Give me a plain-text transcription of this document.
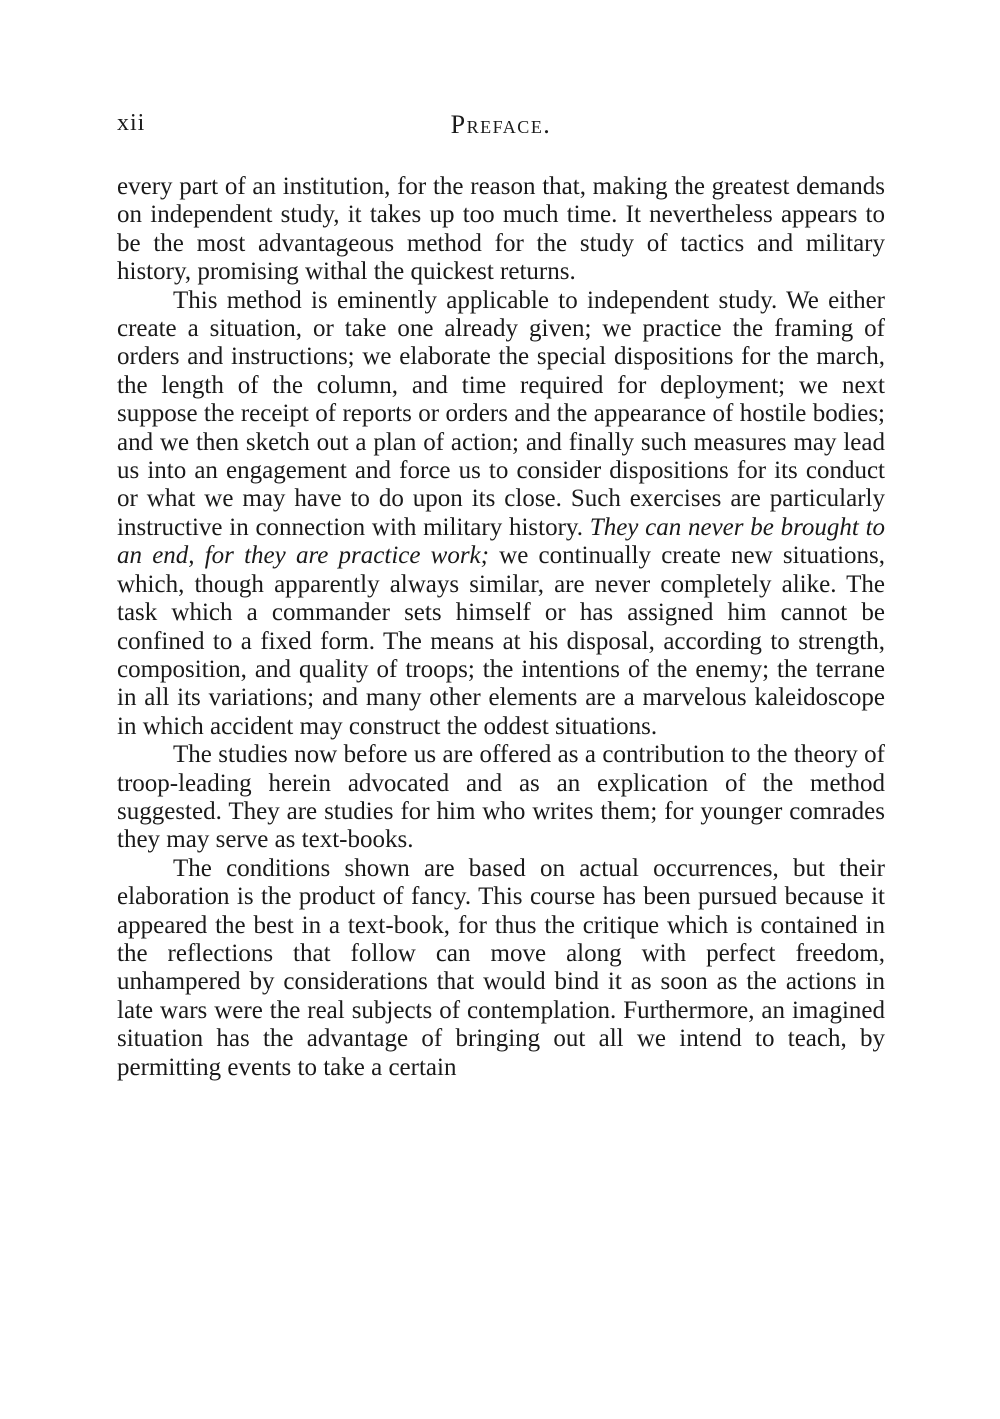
xii	Preface.

every part of an institution, for the reason that, making the greatest demands on independent study, it takes up too much time. It nevertheless appears to be the most advantageous method for the study of tactics and military history, promising withal the quickest returns.

This method is eminently applicable to independent study. We either create a situation, or take one already given; we practice the framing of orders and instructions; we elaborate the special dispositions for the march, the length of the column, and time required for deployment; we next suppose the receipt of reports or orders and the appearance of hostile bodies; and we then sketch out a plan of action; and finally such measures may lead us into an engagement and force us to consider dispositions for its conduct or what we may have to do upon its close. Such exercises are particularly instructive in connection with military history. They can never be brought to an end, for they are practice work; we continually create new situations, which, though apparently always similar, are never completely alike. The task which a commander sets himself or has assigned him cannot be confined to a fixed form. The means at his disposal, according to strength, composition, and quality of troops; the intentions of the enemy; the terrane in all its variations; and many other elements are a marvelous kaleidoscope in which accident may construct the oddest situations.

The studies now before us are offered as a contribution to the theory of troop-leading herein advocated and as an explication of the method suggested. They are studies for him who writes them; for younger comrades they may serve as text-books.

The conditions shown are based on actual occurrences, but their elaboration is the product of fancy. This course has been pursued because it appeared the best in a text-book, for thus the critique which is contained in the reflections that follow can move along with perfect freedom, unhampered by considerations that would bind it as soon as the actions in late wars were the real subjects of contemplation. Furthermore, an imagined situation has the advantage of bringing out all we intend to teach, by permitting events to take a certain
